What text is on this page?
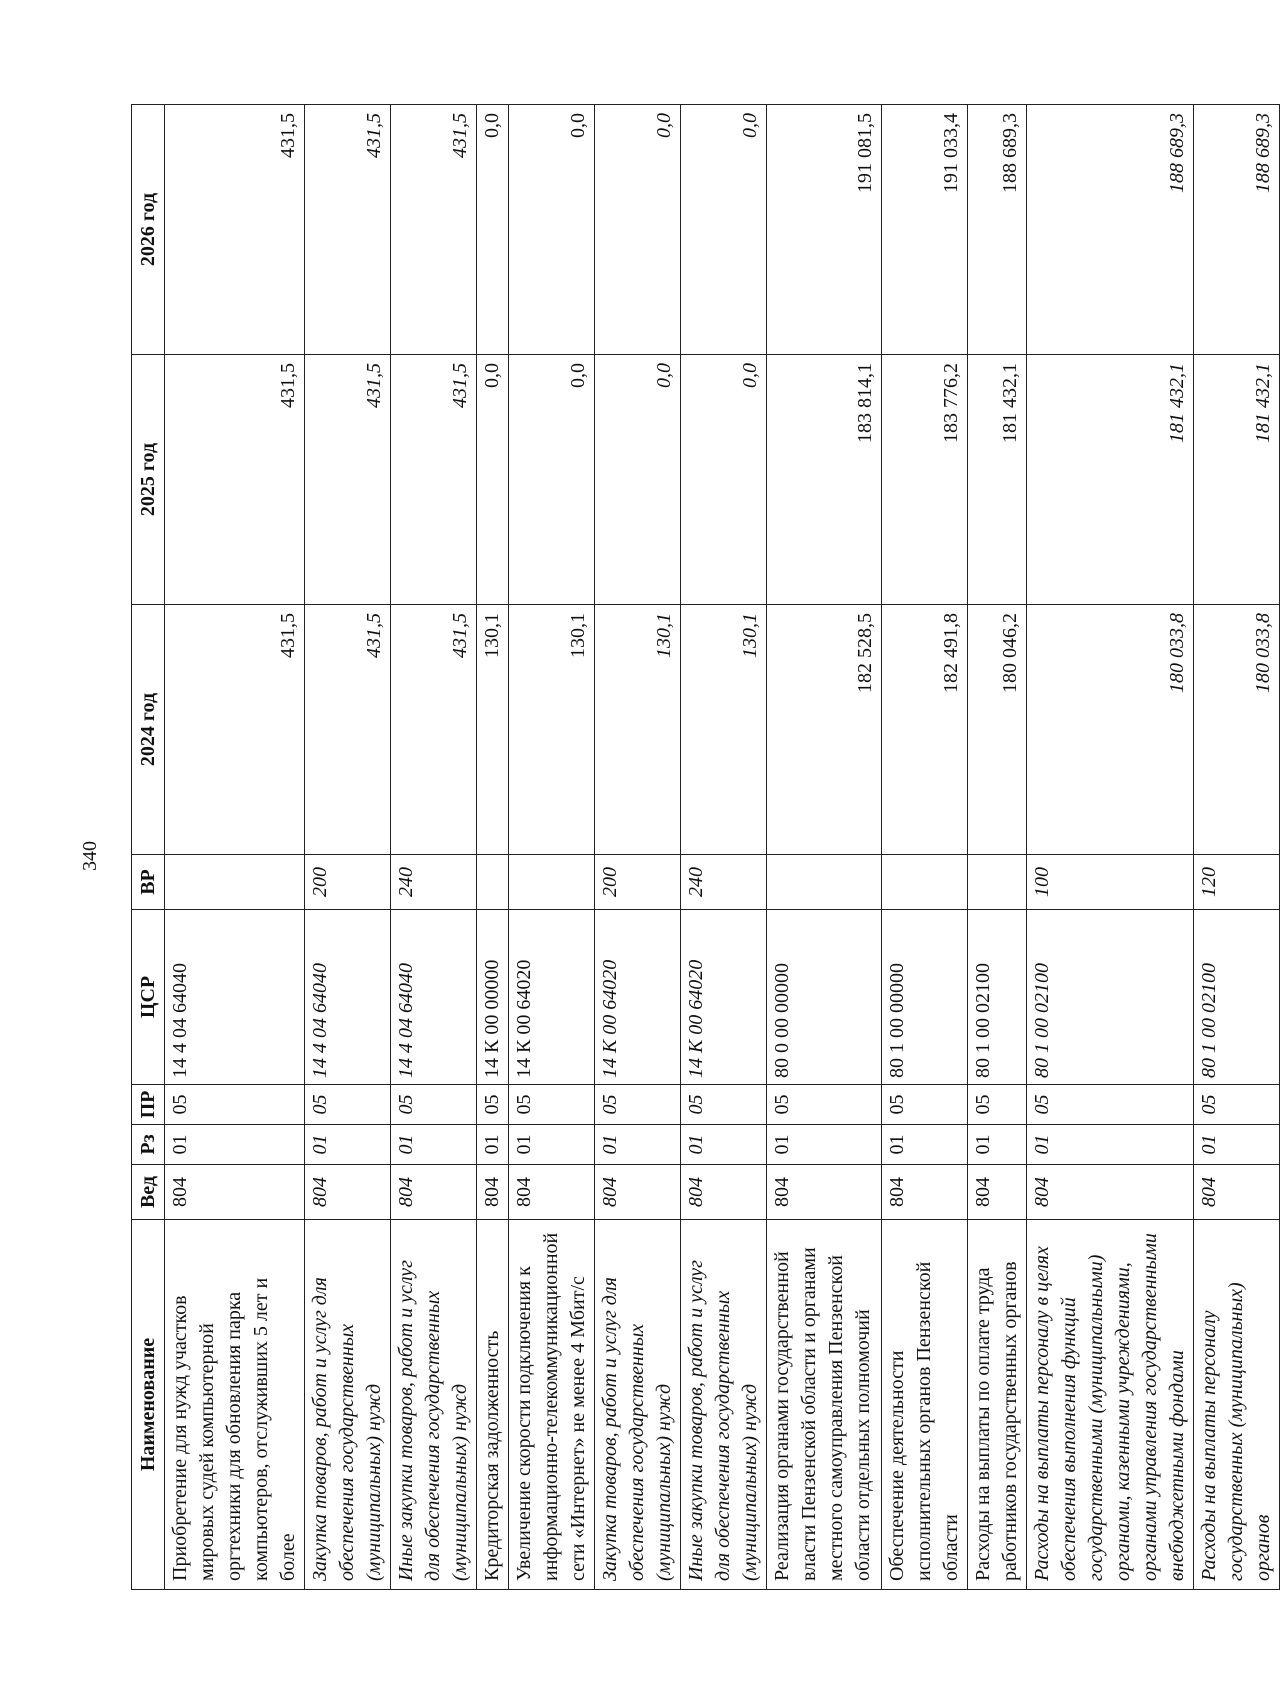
340
Наименование	Вед	Рз	ПР	ЦСР	ВР	2024 год	2025 год	2026 год
Приобретение для нужд участков мировых судей компьютерной оргтехники для обновления парка компьютеров, отслуживших 5 лет и более	804	01	05	14 4 04 64040		431,5	431,5	431,5
Закупка товаров, работ и услуг для обеспечения государственных (муниципальных) нужд	804	01	05	14 4 04 64040	200	431,5	431,5	431,5
Иные закупки товаров, работ и услуг для обеспечения государственных (муниципальных) нужд	804	01	05	14 4 04 64040	240	431,5	431,5	431,5
Кредиторская задолженность	804	01	05	14 К 00 00000		130,1	0,0	0,0
Увеличение скорости подключения к информационно-телекоммуникационной сети «Интернет» не менее 4 Мбит/с	804	01	05	14 К 00 64020		130,1	0,0	0,0
Закупка товаров, работ и услуг для обеспечения государственных (муниципальных) нужд	804	01	05	14 К 00 64020	200	130,1	0,0	0,0
Иные закупки товаров, работ и услуг для обеспечения государственных (муниципальных) нужд	804	01	05	14 К 00 64020	240	130,1	0,0	0,0
Реализация органами государственной власти Пензенской области и органами местного самоуправления Пензенской области отдельных полномочий	804	01	05	80 0 00 00000		182 528,5	183 814,1	191 081,5
Обеспечение деятельности исполнительных органов Пензенской области	804	01	05	80 1 00 00000		182 491,8	183 776,2	191 033,4
Расходы на выплаты по оплате труда работников государственных органов	804	01	05	80 1 00 02100		180 046,2	181 432,1	188 689,3
Расходы на выплаты персоналу в целях обеспечения выполнения функций государственными (муниципальными) органами, казенными учреждениями, органами управления государственными внебюджетными фондами	804	01	05	80 1 00 02100	100	180 033,8	181 432,1	188 689,3
Расходы на выплаты персоналу государственных (муниципальных) органов	804	01	05	80 1 00 02100	120	180 033,8	181 432,1	188 689,3
